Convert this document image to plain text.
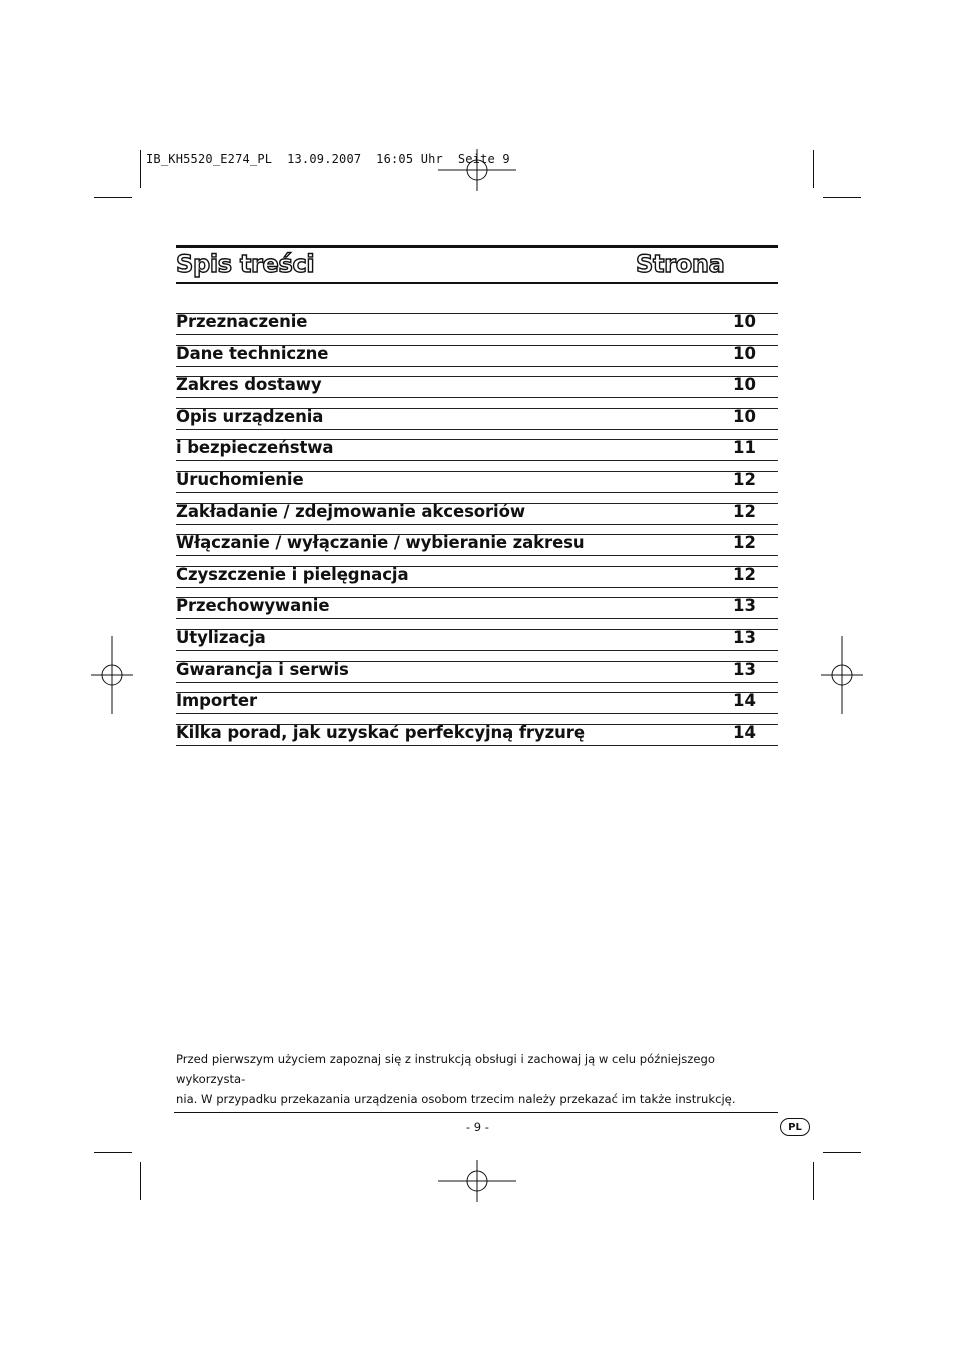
IB_KH5520_E274_PL  13.09.2007  16:05 Uhr  Seite 9
Spis treści	Strona
Przeznaczenie	10
Dane techniczne	10
Zakres dostawy	10
Opis urządzenia	10
i bezpieczeństwa	11
Uruchomienie	12
Zakładanie / zdejmowanie akcesoriów	12
Włączanie / wyłączanie / wybieranie zakresu	12
Czyszczenie i pielęgnacja	12
Przechowywanie	13
Utylizacja	13
Gwarancja i serwis	13
Importer	14
Kilka porad, jak uzyskać perfekcyjną fryzurę	14
Przed pierwszym użyciem zapoznaj się z instrukcją obsługi i zachowaj ją w celu późniejszego wykorzysta-
nia. W przypadku przekazania urządzenia osobom trzecim należy przekazać im także instrukcję.
- 9 -	PL
